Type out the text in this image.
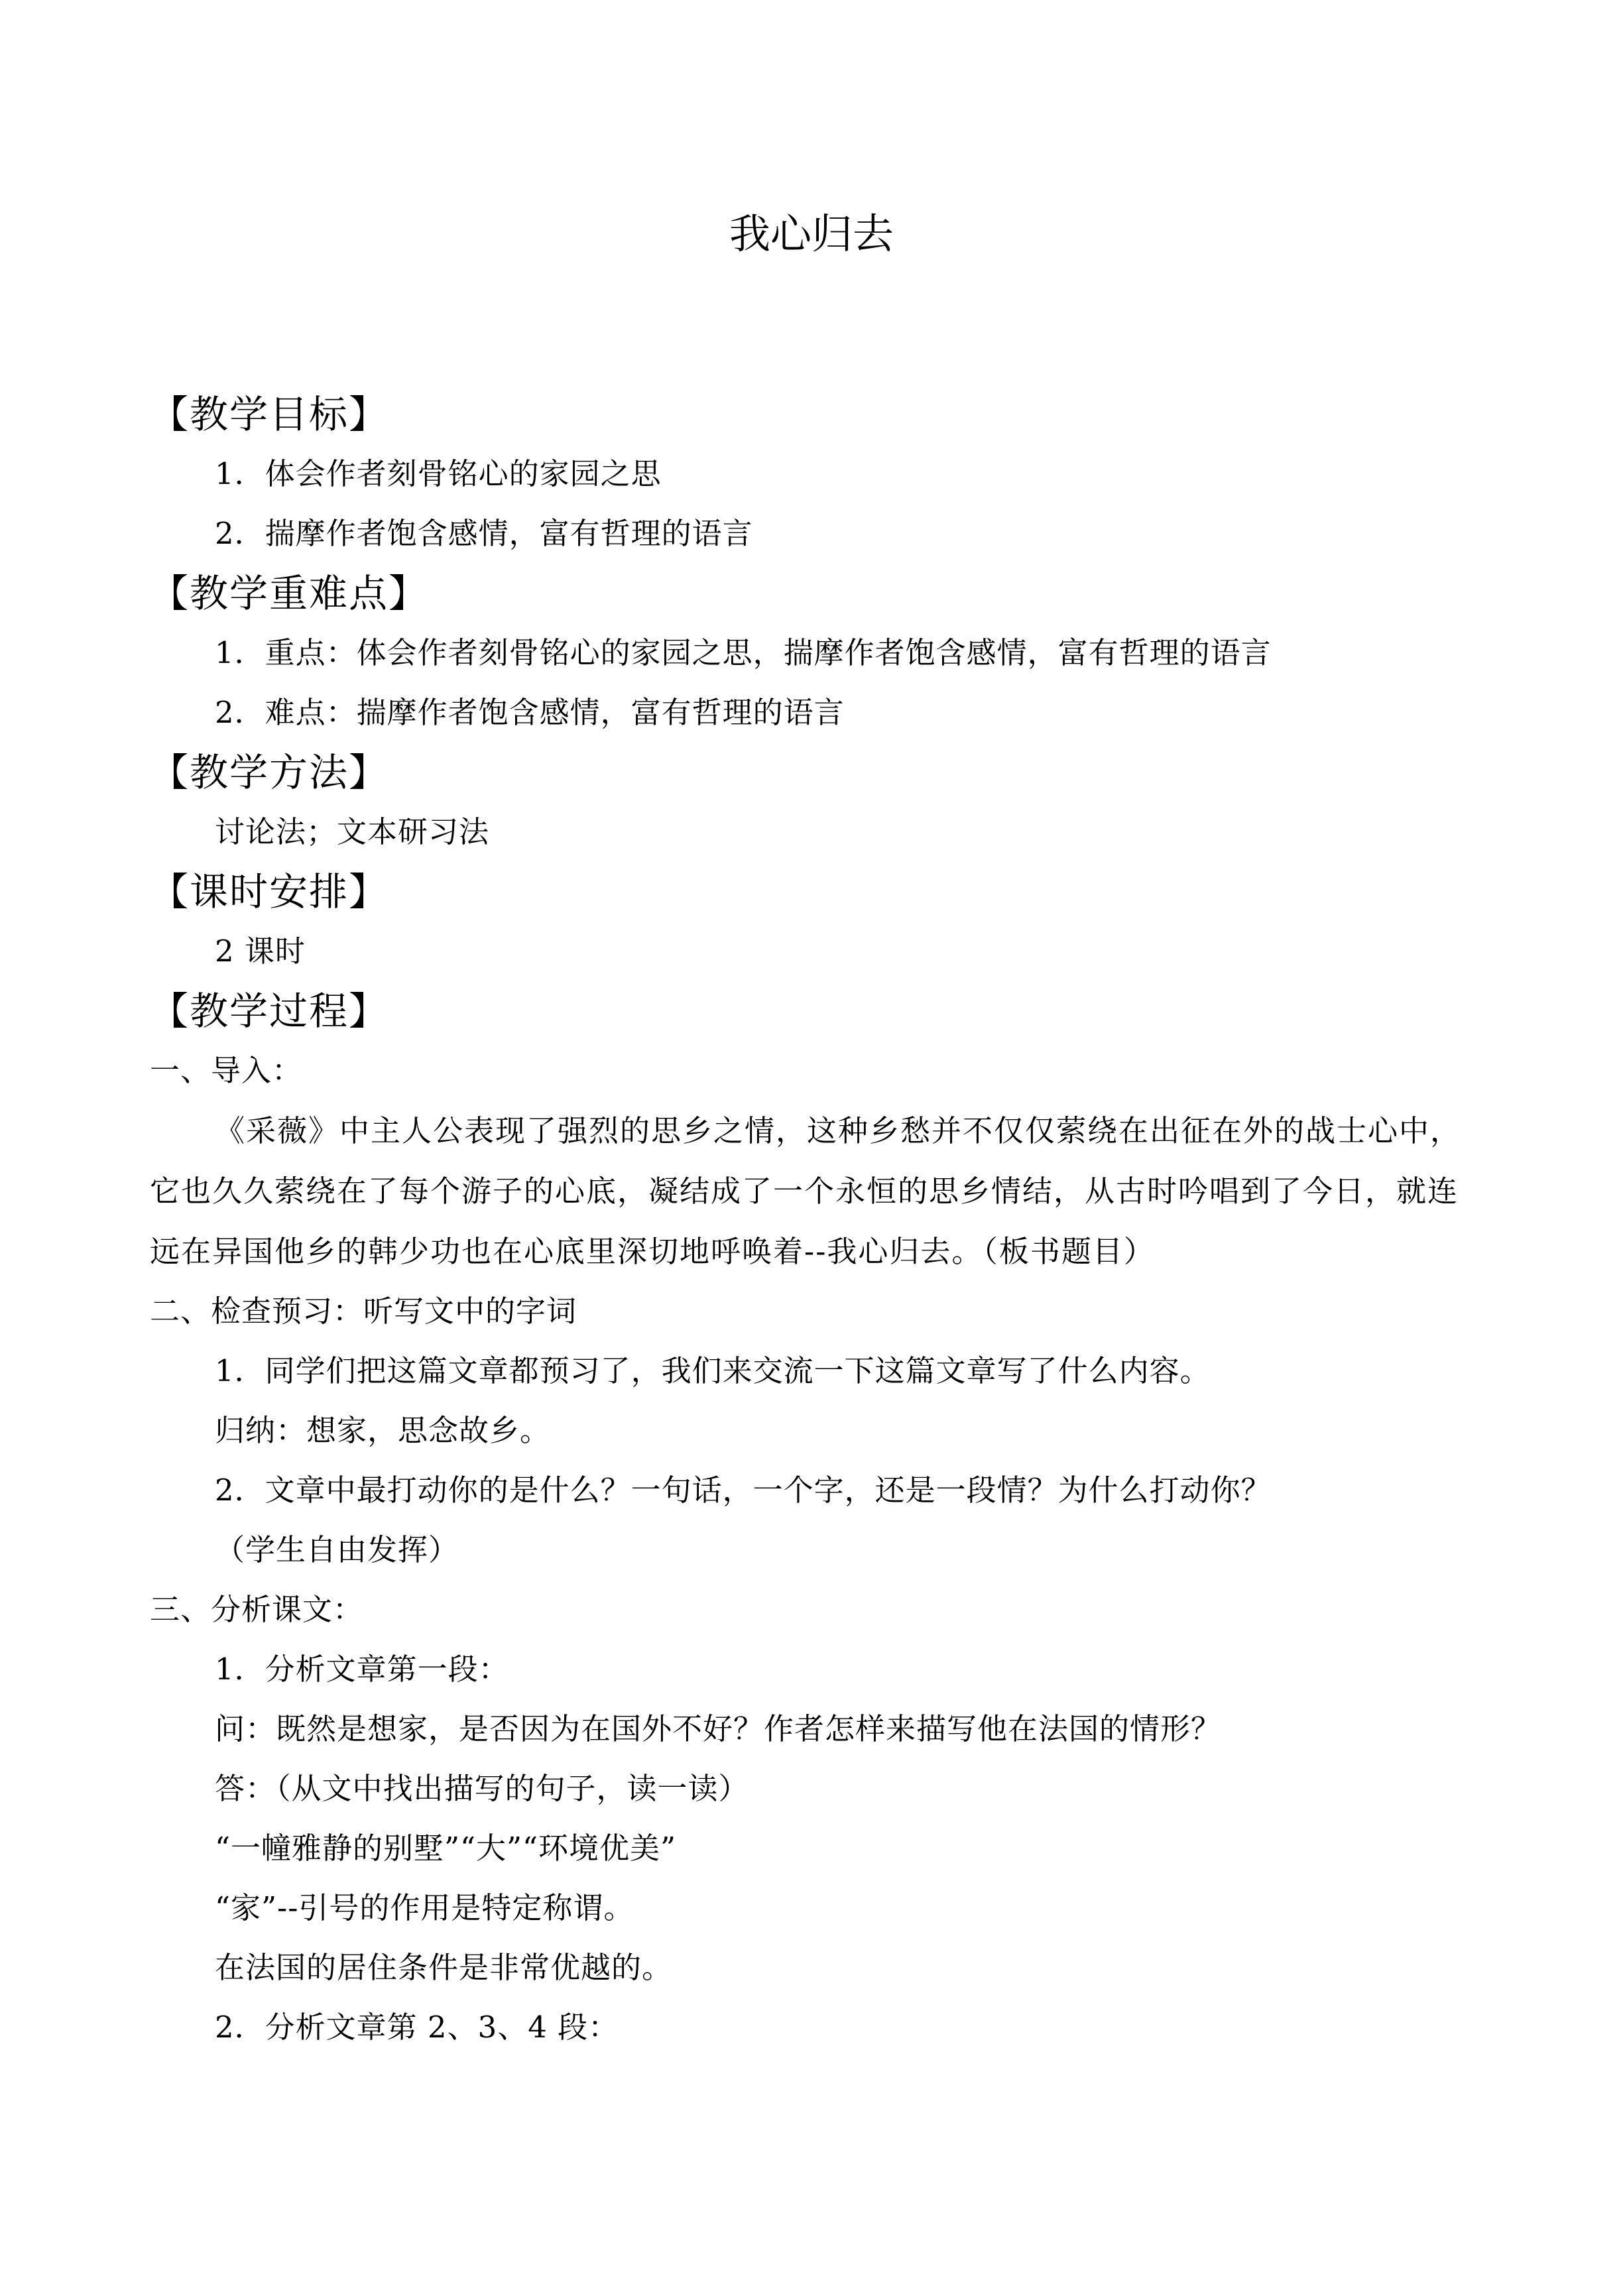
我心归去
【教学目标】

1．体会作者刻骨铭心的家园之思

2．揣摩作者饱含感情，富有哲理的语言

【教学重难点】

1．重点：体会作者刻骨铭心的家园之思，揣摩作者饱含感情，富有哲理的语言

2．难点：揣摩作者饱含感情，富有哲理的语言

【教学方法】

讨论法；文本研习法

【课时安排】

2 课时

【教学过程】

一、导入：

《采薇》中主人公表现了强烈的思乡之情，这种乡愁并不仅仅萦绕在出征在外的战士心中，它也久久萦绕在了每个游子的心底，凝结成了一个永恒的思乡情结，从古时吟唱到了今日，就连远在异国他乡的韩少功也在心底里深切地呼唤着--我心归去。（板书题目）

二、检查预习：听写文中的字词

1．同学们把这篇文章都预习了，我们来交流一下这篇文章写了什么内容。

归纳：想家，思念故乡。

2．文章中最打动你的是什么？一句话，一个字，还是一段情？为什么打动你？

（学生自由发挥）

三、分析课文：

1．分析文章第一段：

问：既然是想家，是否因为在国外不好？作者怎样来描写他在法国的情形？

答：（从文中找出描写的句子，读一读）

“一幢雅静的别墅”“大”“环境优美”

“家”--引号的作用是特定称谓。

在法国的居住条件是非常优越的。

2．分析文章第 2、3、4 段：
